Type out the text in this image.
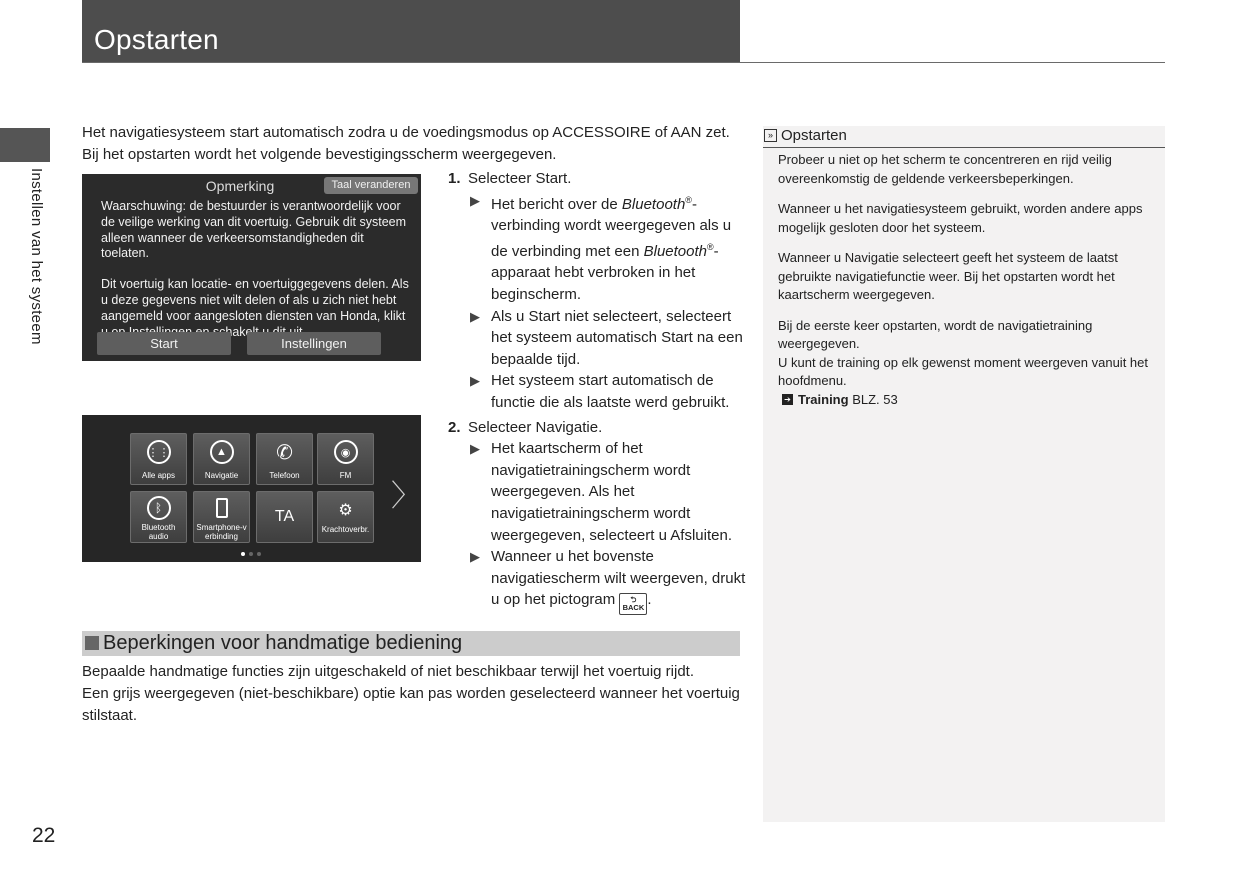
Opstarten
Instellen van het systeem
22
Het navigatiesysteem start automatisch zodra u de voedingsmodus op ACCESSOIRE of AAN zet.
Bij het opstarten wordt het volgende bevestigingsscherm weergegeven.
Opmerking	Taal veranderen

Waarschuwing: de bestuurder is verantwoordelijk voor de veilige werking van dit voertuig. Gebruik dit systeem alleen wanneer de verkeersomstandigheden dit toelaten.

Dit voertuig kan locatie- en voertuiggegevens delen. Als u deze gegevens niet wilt delen of als u zich niet hebt aangemeld voor aangesloten diensten van Honda, klikt schakelt

Start	Instellingen
⋮⋮
Alle apps
▲
Navigatie
✆
Telefoon
◉
FM
ᛒ
Bluetooth audio
Smartphone-verbinding
TA	⚙
Krachtoverbr.
〉
1. Selecteer Start.
▶ Het bericht over de Bluetooth®-verbinding wordt weergegeven als u de verbinding met een Bluetooth®-apparaat hebt verbroken in het beginscherm.
▶ Als u Start niet selecteert, selecteert het systeem automatisch Start na een bepaalde tijd.
▶ Het systeem start automatisch de functie die als laatste werd gebruikt.
2. Selecteer Navigatie.
▶ Het kaartscherm of het navigatietrainingscherm wordt weergegeven. Als het navigatietrainingscherm wordt weergegeven, selecteert u Afsluiten.
▶ Wanneer u het bovenste navigatiescherm wilt weergeven, drukt u op het pictogram ⮌
BACK .
Beperkingen voor handmatige bediening
Bepaalde handmatige functies zijn uitgeschakeld of niet beschikbaar terwijl het voertuig rijdt.
Een grijs weergegeven (niet-beschikbare) optie kan pas worden geselecteerd wanneer het voertuig stilstaat.
» Opstarten

Probeer u niet op het scherm te concentreren en rijd veilig overeenkomstig de geldende verkeersbeperkingen.

Wanneer u het navigatiesysteem gebruikt, worden andere apps mogelijk gesloten door het systeem.

Wanneer u Navigatie selecteert geeft het systeem de laatst gebruikte navigatiefunctie weer. Bij het opstarten wordt het kaartscherm weergegeven.

Bij de eerste keer opstarten, wordt de navigatietraining weergegeven.

U kunt de training op elk gewenst moment weergeven vanuit het hoofdmenu.

➔ Training BLZ. 53
